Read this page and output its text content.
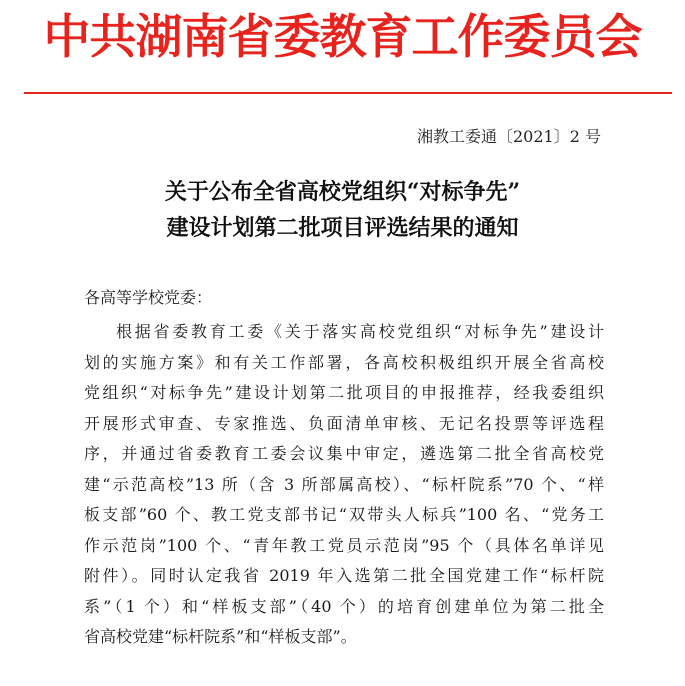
中共湖南省委教育工作委员会
湘教工委通〔2021〕2 号
关于公布全省高校党组织“对标争先”
建设计划第二批项目评选结果的通知
各高等学校党委：
根据省委教育工委《关于落实高校党组织“对标争先”建设计
划的实施方案》和有关工作部署，各高校积极组织开展全省高校
党组织“对标争先”建设计划第二批项目的申报推荐，经我委组织
开展形式审查、专家推选、负面清单审核、无记名投票等评选程
序，并通过省委教育工委会议集中审定，遴选第二批全省高校党
建“示范高校”13 所（含 3 所部属高校）、“标杆院系”70 个、“样
板支部”60 个、教工党支部书记“双带头人标兵”100 名、“党务工
作示范岗”100 个、“青年教工党员示范岗”95 个（具体名单详见
附件）。同时认定我省 2019 年入选第二批全国党建工作“标杆院
系”（1 个）和“样板支部”（40 个）的培育创建单位为第二批全
省高校党建“标杆院系”和“样板支部”。
